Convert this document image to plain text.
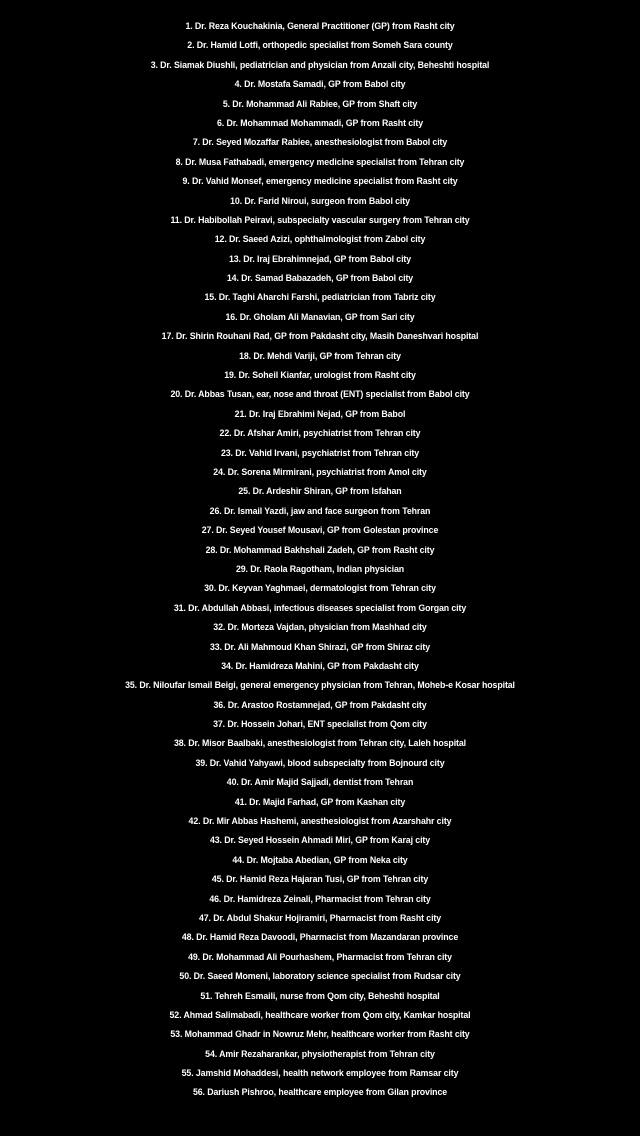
1. Dr. Reza Kouchakinia, General Practitioner (GP) from Rasht city
2. Dr. Hamid Lotfi, orthopedic specialist from Someh Sara county
3. Dr. Siamak Diushli, pediatrician and physician from Anzali city, Beheshti hospital
4. Dr. Mostafa Samadi, GP from Babol city
5. Dr. Mohammad Ali Rabiee, GP from Shaft city
6. Dr. Mohammad Mohammadi, GP from Rasht city
7. Dr. Seyed Mozaffar Rabiee, anesthesiologist from Babol city
8. Dr. Musa Fathabadi, emergency medicine specialist from Tehran city
9. Dr. Vahid Monsef, emergency medicine specialist from Rasht city
10. Dr. Farid Niroui, surgeon from Babol city
11. Dr. Habibollah Peiravi, subspecialty vascular surgery from Tehran city
12. Dr. Saeed Azizi, ophthalmologist from Zabol city
13. Dr. Iraj Ebrahimnejad, GP from Babol city
14. Dr. Samad Babazadeh, GP from Babol city
15. Dr. Taghi Aharchi Farshi, pediatrician from Tabriz city
16. Dr. Gholam Ali Manavian, GP from Sari city
17. Dr. Shirin Rouhani Rad, GP from Pakdasht city, Masih Daneshvari hospital
18. Dr. Mehdi Variji, GP from Tehran city
19. Dr. Soheil Kianfar, urologist from Rasht city
20. Dr. Abbas Tusan, ear, nose and throat (ENT) specialist from Babol city
21. Dr. Iraj Ebrahimi Nejad, GP from Babol
22. Dr. Afshar Amiri, psychiatrist from Tehran city
23. Dr. Vahid Irvani, psychiatrist from Tehran city
24. Dr. Sorena Mirmirani, psychiatrist from Amol city
25. Dr. Ardeshir Shiran, GP from Isfahan
26. Dr. Ismail Yazdi, jaw and face surgeon from Tehran
27. Dr. Seyed Yousef Mousavi, GP from Golestan province
28. Dr. Mohammad Bakhshali Zadeh, GP from Rasht city
29. Dr. Raola Ragotham, Indian physician
30. Dr. Keyvan Yaghmaei, dermatologist from Tehran city
31. Dr. Abdullah Abbasi, infectious diseases specialist from Gorgan city
32. Dr. Morteza Vajdan, physician from Mashhad city
33. Dr. Ali Mahmoud Khan Shirazi, GP from Shiraz city
34. Dr. Hamidreza Mahini, GP from Pakdasht city
35. Dr. Niloufar Ismail Beigi, general emergency physician from Tehran, Moheb-e Kosar hospital
36. Dr. Arastoo Rostamnejad, GP from Pakdasht city
37. Dr. Hossein Johari, ENT specialist from Qom city
38. Dr. Misor Baalbaki, anesthesiologist from Tehran city, Laleh hospital
39. Dr. Vahid Yahyawi, blood subspecialty from Bojnourd city
40. Dr. Amir Majid Sajjadi, dentist from Tehran
41. Dr. Majid Farhad, GP from Kashan city
42. Dr. Mir Abbas Hashemi, anesthesiologist from Azarshahr city
43. Dr. Seyed Hossein Ahmadi Miri, GP from Karaj city
44. Dr. Mojtaba Abedian, GP from Neka city
45. Dr. Hamid Reza Hajaran Tusi, GP from Tehran city
46. Dr. Hamidreza Zeinali, Pharmacist from Tehran city
47. Dr. Abdul Shakur Hojiramiri, Pharmacist from Rasht city
48. Dr. Hamid Reza Davoodi, Pharmacist from Mazandaran province
49. Dr. Mohammad Ali Pourhashem, Pharmacist from Tehran city
50. Dr. Saeed Momeni, laboratory science specialist from Rudsar city
51. Tehreh Esmaili, nurse from Qom city, Beheshti hospital
52. Ahmad Salimabadi, healthcare worker from Qom city, Kamkar hospital
53. Mohammad Ghadr in Nowruz Mehr, healthcare worker from Rasht city
54. Amir Rezaharankar, physiotherapist from Tehran city
55. Jamshid Mohaddesi, health network employee from Ramsar city
56. Dariush Pishroo, healthcare employee from Gilan province
